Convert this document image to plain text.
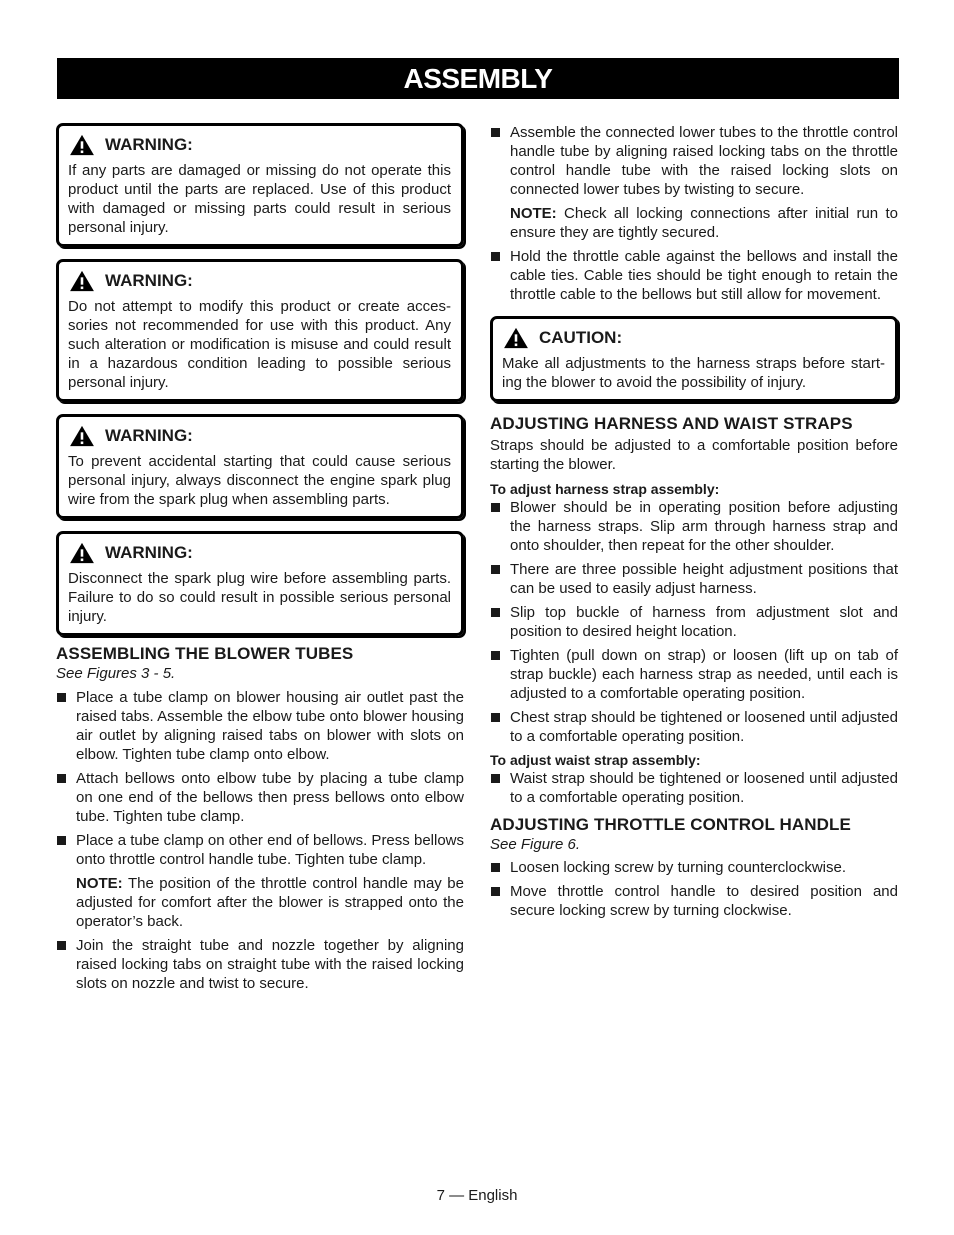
ASSEMBLY
WARNING:

If any parts are damaged or missing do not operate this product until the parts are replaced. Use of this product with damaged or missing parts could result in serious personal injury.

WARNING:

Do not attempt to modify this product or create acces-sories not recommended for use with this product. Any such alteration or modification is misuse and could result in a hazardous condition leading to possible serious personal injury.

WARNING:

To prevent accidental starting that could cause serious personal injury, always disconnect the engine spark plug wire from the spark plug when assembling parts.

WARNING:

Disconnect the spark plug wire before assembling parts. Failure to do so could result in possible serious personal injury.

ASSEMBLING THE BLOWER TUBES
See Figures 3 - 5.
Place a tube clamp on blower housing air outlet past the raised tabs. Assemble the elbow tube onto blower housing air outlet by aligning raised tabs on blower with slots on elbow. Tighten tube clamp onto elbow.
Attach bellows onto elbow tube by placing a tube clamp on one end of the bellows then press bellows onto elbow tube. Tighten tube clamp.
Place a tube clamp on other end of bellows. Press bellows onto throttle control handle tube. Tighten tube clamp.

NOTE: The position of the throttle control handle may be adjusted for comfort after the blower is strapped onto the operator’s back.

Join the straight tube and nozzle together by aligning raised locking tabs on straight tube with the raised locking slots on nozzle and twist to secure.
Assemble the connected lower tubes to the throttle control handle tube by aligning raised locking tabs on the throttle control handle tube with the raised locking slots on connected lower tubes by twisting to secure.

NOTE: Check all locking connections after initial run to ensure they are tightly secured.

Hold the throttle cable against the bellows and install the cable ties. Cable ties should be tight enough to retain the throttle cable to the bellows but still allow for movement.
CAUTION:

Make all adjustments to the harness straps before start-ing the blower to avoid the possibility of injury.

ADJUSTING HARNESS AND WAIST STRAPS

Straps should be adjusted to a comfortable position before starting the blower.

To adjust harness strap assembly:
Blower should be in operating position before adjusting the harness straps. Slip arm through harness strap and onto shoulder, then repeat for the other shoulder.
There are three possible height adjustment positions that can be used to easily adjust harness.
Slip top buckle of harness from adjustment slot and position to desired height location.
Tighten (pull down on strap) or loosen (lift up on tab of strap buckle) each harness strap as needed, until each is adjusted to a comfortable operating position.
Chest strap should be tightened or loosened until adjusted to a comfortable operating position.
To adjust waist strap assembly:
Waist strap should be tightened or loosened until adjusted to a comfortable operating position.
ADJUSTING THROTTLE CONTROL HANDLE
See Figure 6.
Loosen locking screw by turning counterclockwise.
Move throttle control handle to desired position and secure locking screw by turning clockwise.
7 — English
